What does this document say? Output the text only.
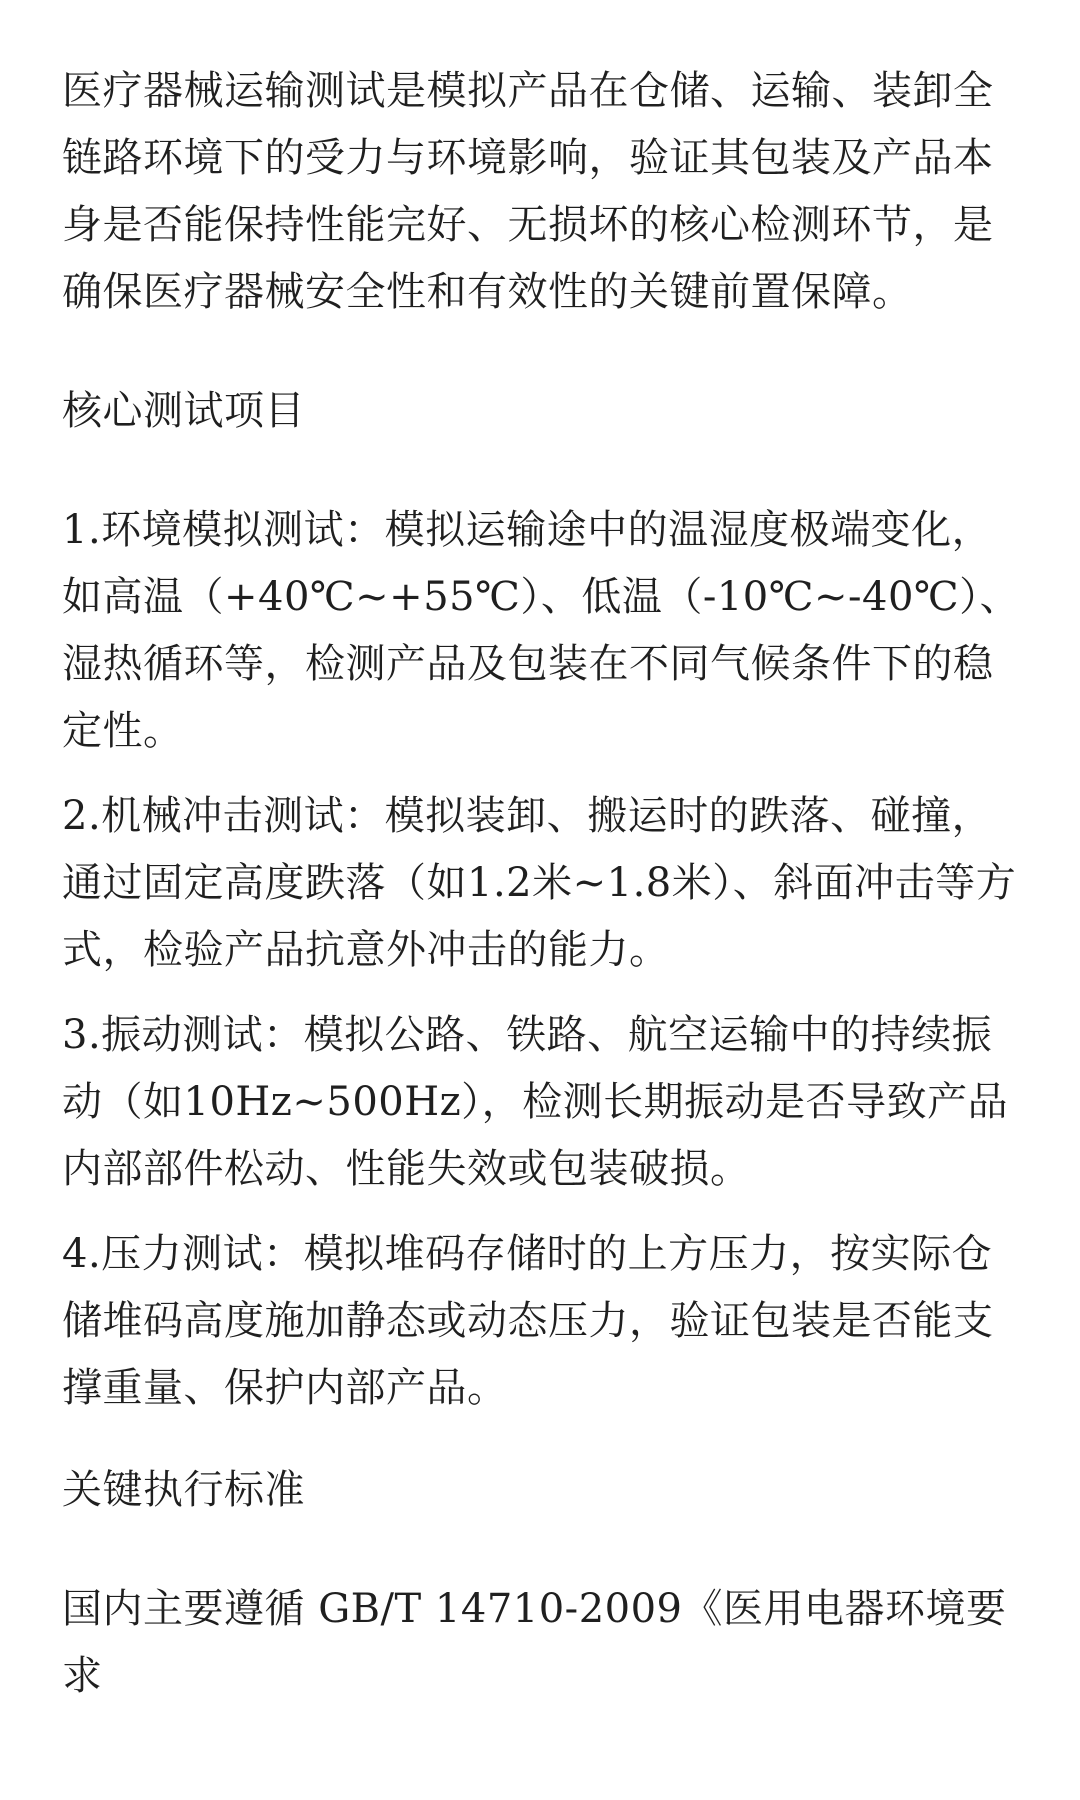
医疗器械运输测试是模拟产品在仓储、运输、装卸全链路环境下的受力与环境影响，验证其包装及产品本身是否能保持性能完好、无损坏的核心检测环节，是确保医疗器械安全性和有效性的关键前置保障。

核心测试项目
1.环境模拟测试：模拟运输途中的温湿度极端变化，如高温（+40℃~+55℃）、低温（-10℃~-40℃）、湿热循环等，检测产品及包装在不同气候条件下的稳定性。
2.机械冲击测试：模拟装卸、搬运时的跌落、碰撞，通过固定高度跌落（如1.2米~1.8米）、斜面冲击等方式，检验产品抗意外冲击的能力。
3.振动测试：模拟公路、铁路、航空运输中的持续振动（如10Hz~500Hz），检测长期振动是否导致产品内部部件松动、性能失效或包装破损。
4.压力测试：模拟堆码存储时的上方压力，按实际仓储堆码高度施加静态或动态压力，验证包装是否能支撑重量、保护内部产品。
关键执行标准

国内主要遵循 GB/T 14710-2009《医用电器环境要求
